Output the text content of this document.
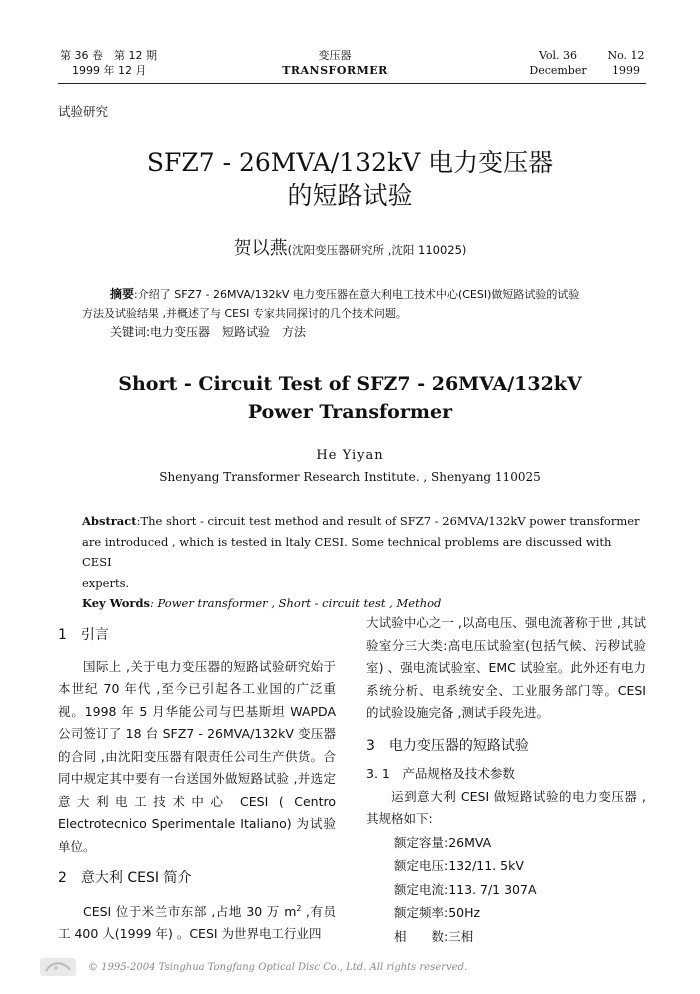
第 36 卷　第 12 期
1999 年 12 月
变压器
TRANSFORMER
Vol. 36
December
No. 12
1999
试验研究
SFZ7 - 26MVA/132kV 电力变压器
的短路试验
贺以燕(沈阳变压器研究所 ,沈阳 110025)
摘要:介绍了 SFZ7 - 26MVA/132kV 电力变压器在意大利电工技术中心(CESI)做短路试验的试验
方法及试验结果 ,并概述了与 CESI 专家共同探讨的几个技术问题。
关键词:电力变压器　短路试验　方法
Short - Circuit Test of SFZ7 - 26MVA/132kV
Power Transformer
He Yiyan
Shenyang Transformer Research Institute. , Shenyang 110025
Abstract:The short - circuit test method and result of SFZ7 - 26MVA/132kV power transformer
are introduced , which is tested in ltaly CESI. Some technical problems are discussed with CESI
experts.
Key Words: Power transformer , Short - circuit test , Method
1　引言

国际上 ,关于电力变压器的短路试验研究始于本世纪 70 年代 ,至今已引起各工业国的广泛重视。1998 年 5 月华能公司与巴基斯坦 WAPDA 公司签订了 18 台 SFZ7 - 26MVA/132kV 变压器的合同 ,由沈阳变压器有限责任公司生产供货。合同中规定其中要有一台送国外做短路试验 ,并选定意大利电工技术中心 CESI ( Centro Electrotecnico Sperimentale Italiano) 为试验单位。

2　意大利 CESI 简介

CESI 位于米兰市东部 ,占地 30 万 $m^2$ ,有员工 400 人(1999 年) 。CESI 为世界电工行业四

大试验中心之一 ,以高电压、强电流著称于世 ,其试验室分三大类:高电压试验室(包括气候、污秽试验室) 、强电流试验室、EMC 试验室。此外还有电力系统分析、电系统安全、工业服务部门等。CESI 的试验设施完备 ,测试手段先进。

3　电力变压器的短路试验
3. 1　产品规格及技术参数

运到意大利 CESI 做短路试验的电力变压器 ,其规格如下:

额定容量:26MVA
额定电压:132/11. 5kV
额定电流:113. 7/1 307A
额定频率:50Hz
相　　数:三相
© 1995-2004 Tsinghua Tongfang Optical Disc Co., Ltd. All rights reserved.
